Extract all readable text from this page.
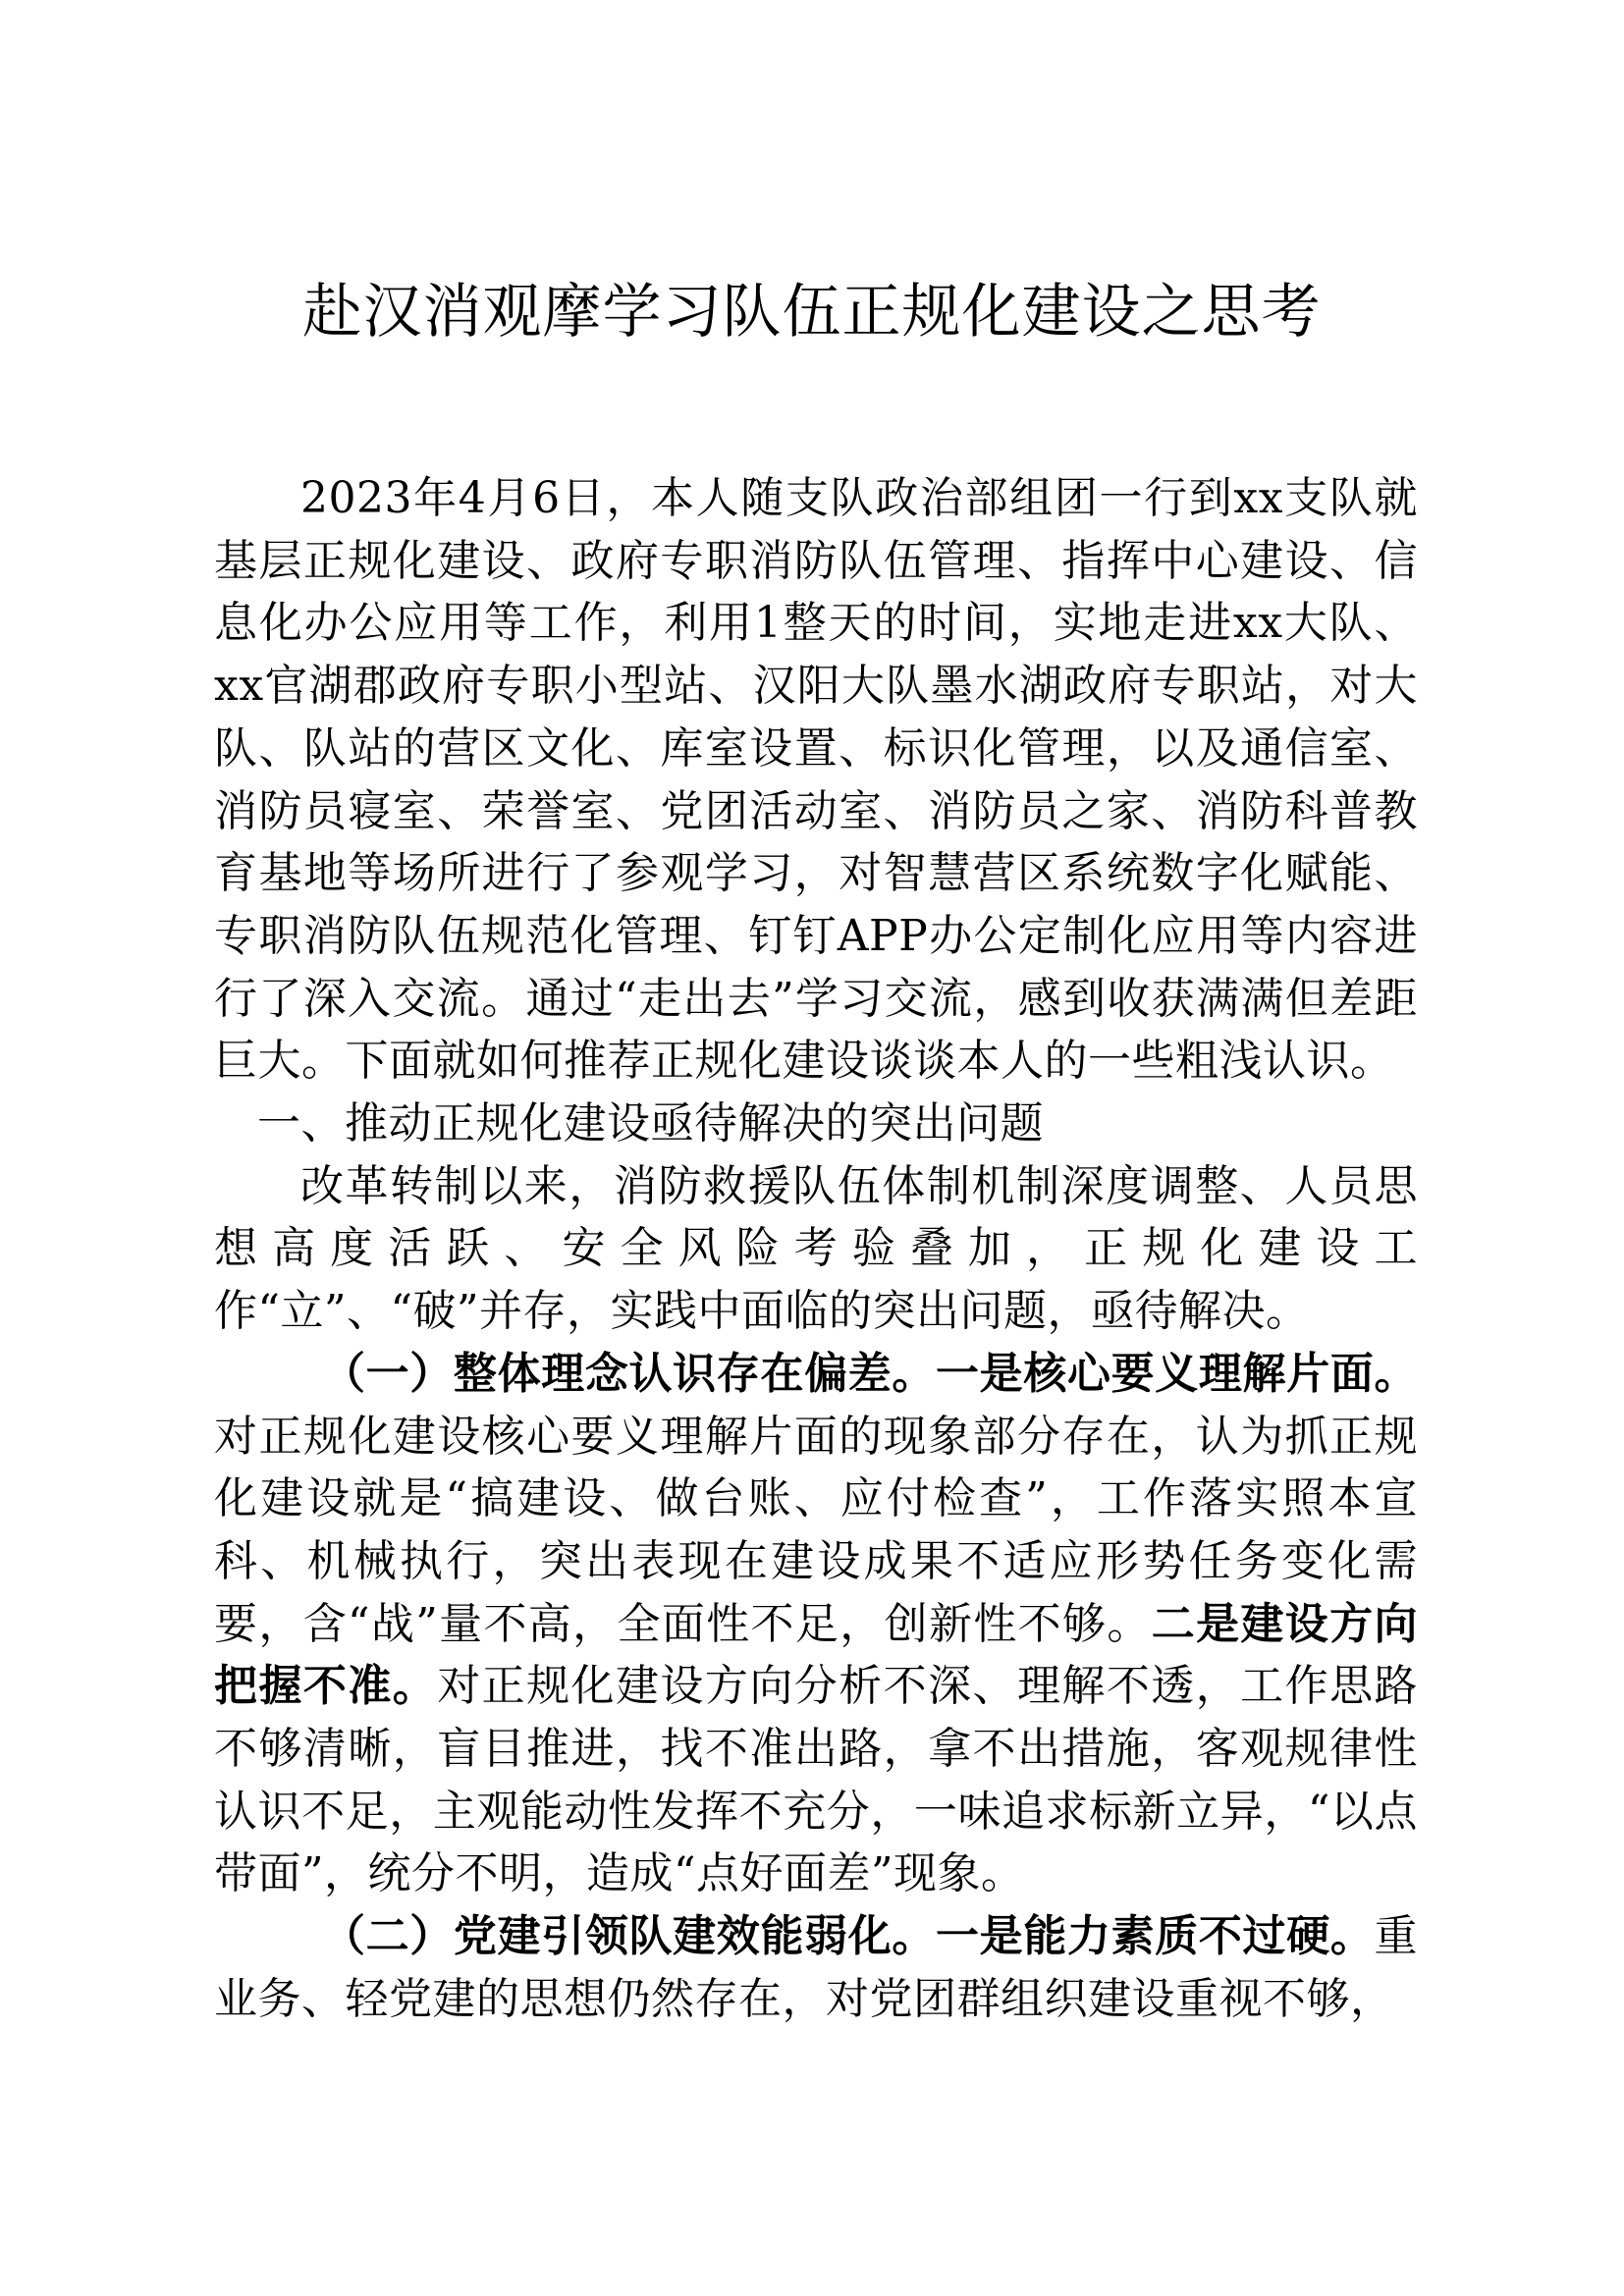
赴汉消观摩学习队伍正规化建设之思考

2023年4月6日，本人随支队政治部组团一行到xx支队就基层正规化建设、政府专职消防队伍管理、指挥中心建设、信息化办公应用等工作，利用1整天的时间，实地走进xx大队、xx官湖郡政府专职小型站、汉阳大队墨水湖政府专职站，对大队、队站的营区文化、库室设置、标识化管理，以及通信室、消防员寝室、荣誉室、党团活动室、消防员之家、消防科普教育基地等场所进行了参观学习，对智慧营区系统数字化赋能、专职消防队伍规范化管理、钉钉APP办公定制化应用等内容进行了深入交流。通过“走出去”学习交流，感到收获满满但差距巨大。下面就如何推荐正规化建设谈谈本人的一些粗浅认识。

一、推动正规化建设亟待解决的突出问题

改革转制以来，消防救援队伍体制机制深度调整、人员思想高度活跃、安全风险考验叠加，正规化建设工作“立”、“破”并存，实践中面临的突出问题，亟待解决。

（一）整体理念认识存在偏差。一是核心要义理解片面。对正规化建设核心要义理解片面的现象部分存在，认为抓正规化建设就是“搞建设、做台账、应付检查”，工作落实照本宣科、机械执行，突出表现在建设成果不适应形势任务变化需要，含“战”量不高，全面性不足，创新性不够。二是建设方向把握不准。对正规化建设方向分析不深、理解不透，工作思路不够清晰，盲目推进，找不准出路，拿不出措施，客观规律性认识不足，主观能动性发挥不充分，一味追求标新立异，“以点带面”，统分不明，造成“点好面差”现象。

（二）党建引领队建效能弱化。一是能力素质不过硬。重业务、轻党建的思想仍然存在，对党团群组织建设重视不够，
